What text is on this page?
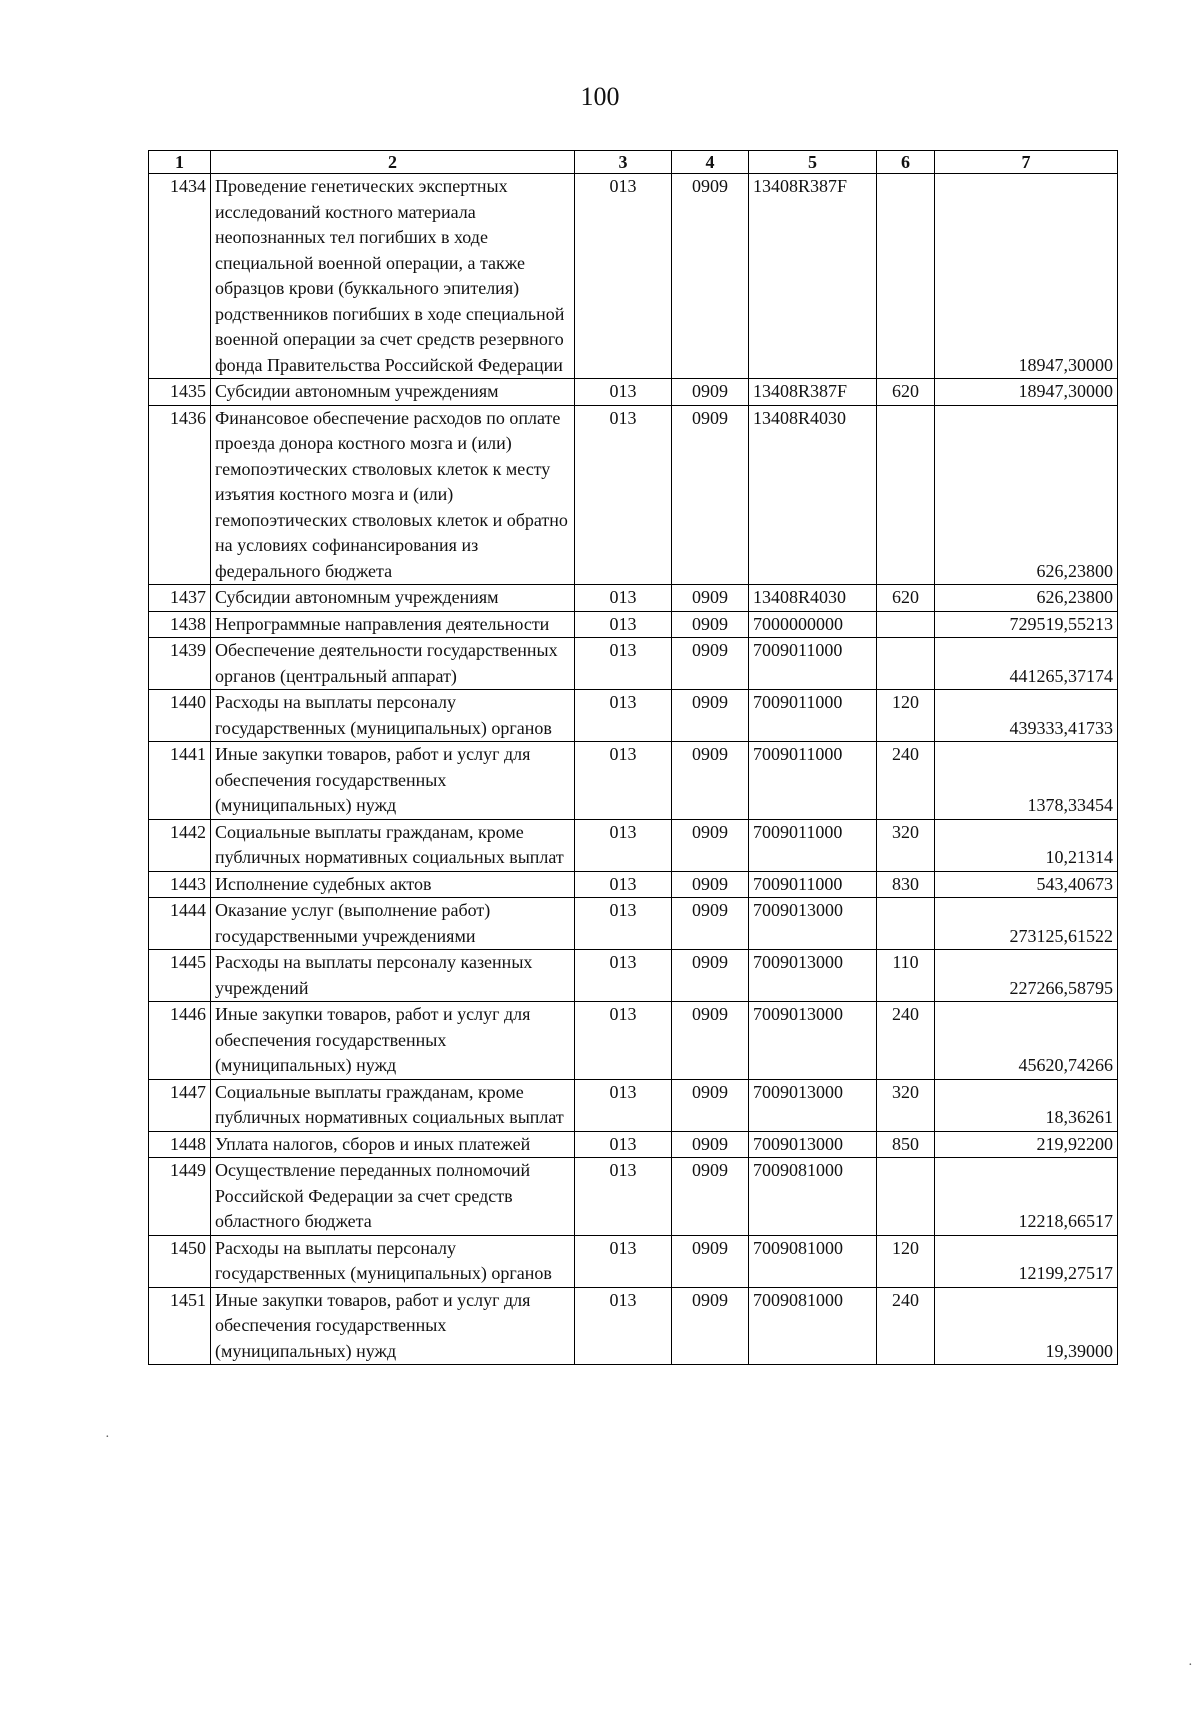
100
1	2	3	4	5	6	7
1434	Проведение генетических экспертных исследований костного материала неопознанных тел погибших в ходе специальной военной операции, а также образцов крови (буккального эпителия) родственников погибших в ходе специальной военной операции за счет средств резервного фонда Правительства Российской Федерации	013	0909	13408R387F		18947,30000
1435	Субсидии автономным учреждениям	013	0909	13408R387F	620	18947,30000
1436	Финансовое обеспечение расходов по оплате проезда донора костного мозга и (или) гемопоэтических стволовых клеток к месту изъятия костного мозга и (или) гемопоэтических стволовых клеток и обратно на условиях софинансирования из федерального бюджета	013	0909	13408R4030		626,23800
1437	Субсидии автономным учреждениям	013	0909	13408R4030	620	626,23800
1438	Непрограммные направления деятельности	013	0909	7000000000		729519,55213
1439	Обеспечение деятельности государственных органов (центральный аппарат)	013	0909	7009011000		441265,37174
1440	Расходы на выплаты персоналу государственных (муниципальных) органов	013	0909	7009011000	120	439333,41733
1441	Иные закупки товаров, работ и услуг для обеспечения государственных (муниципальных) нужд	013	0909	7009011000	240	1378,33454
1442	Социальные выплаты гражданам, кроме публичных нормативных социальных выплат	013	0909	7009011000	320	10,21314
1443	Исполнение судебных актов	013	0909	7009011000	830	543,40673
1444	Оказание услуг (выполнение работ) государственными учреждениями	013	0909	7009013000		273125,61522
1445	Расходы на выплаты персоналу казенных учреждений	013	0909	7009013000	110	227266,58795
1446	Иные закупки товаров, работ и услуг для обеспечения государственных (муниципальных) нужд	013	0909	7009013000	240	45620,74266
1447	Социальные выплаты гражданам, кроме публичных нормативных социальных выплат	013	0909	7009013000	320	18,36261
1448	Уплата налогов, сборов и иных платежей	013	0909	7009013000	850	219,92200
1449	Осуществление переданных полномочий Российской Федерации за счет средств областного бюджета	013	0909	7009081000		12218,66517
1450	Расходы на выплаты персоналу государственных (муниципальных) органов	013	0909	7009081000	120	12199,27517
1451	Иные закупки товаров, работ и услуг для обеспечения государственных (муниципальных) нужд	013	0909	7009081000	240	19,39000
·
·
